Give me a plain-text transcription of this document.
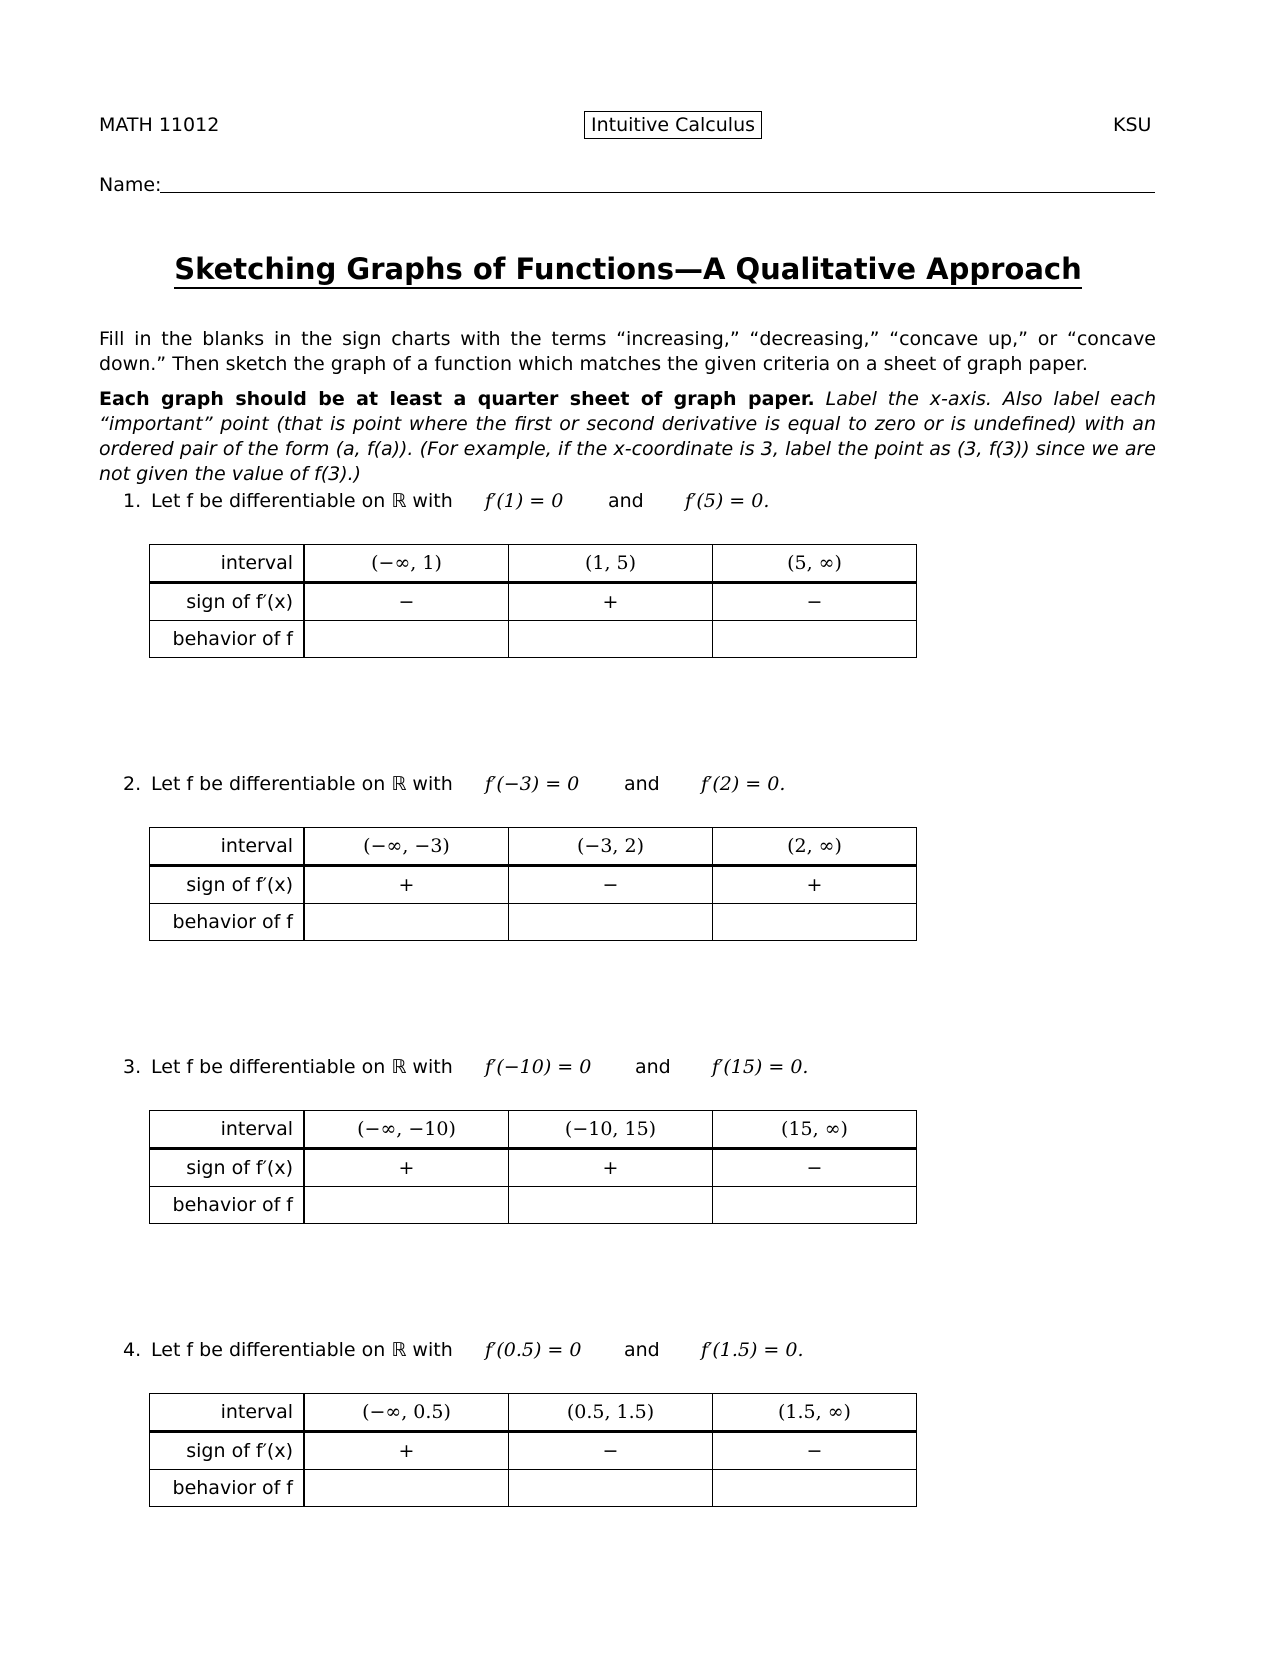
MATH 11012	Intuitive Calculus	KSU
Name:
Sketching Graphs of Functions—A Qualitative Approach
Fill in the blanks in the sign charts with the terms “increasing,” “decreasing,” “concave up,” or “concave down.” Then sketch the graph of a function which matches the given criteria on a sheet of graph paper.
Each graph should be at least a quarter sheet of graph paper. Label the x-axis. Also label each “important” point (that is point where the first or second derivative is equal to zero or is undefined) with an ordered pair of the form (a, f(a)). (For example, if the x-coordinate is 3, label the point as (3, f(3)) since we are not given the value of f(3).)
1. Let f be differentiable on ℝ with f′(1) = 0 and f′(5) = 0.
interval	(−∞, 1)	(1, 5)	(5, ∞)
sign of f′(x)	−	+	−
behavior of f			
2. Let f be differentiable on ℝ with f′(−3) = 0 and f′(2) = 0.
interval	(−∞, −3)	(−3, 2)	(2, ∞)
sign of f′(x)	+	−	+
behavior of f			
3. Let f be differentiable on ℝ with f′(−10) = 0 and f′(15) = 0.
interval	(−∞, −10)	(−10, 15)	(15, ∞)
sign of f′(x)	+	+	−
behavior of f			
4. Let f be differentiable on ℝ with f′(0.5) = 0 and f′(1.5) = 0.
interval	(−∞, 0.5)	(0.5, 1.5)	(1.5, ∞)
sign of f′(x)	+	−	−
behavior of f			
